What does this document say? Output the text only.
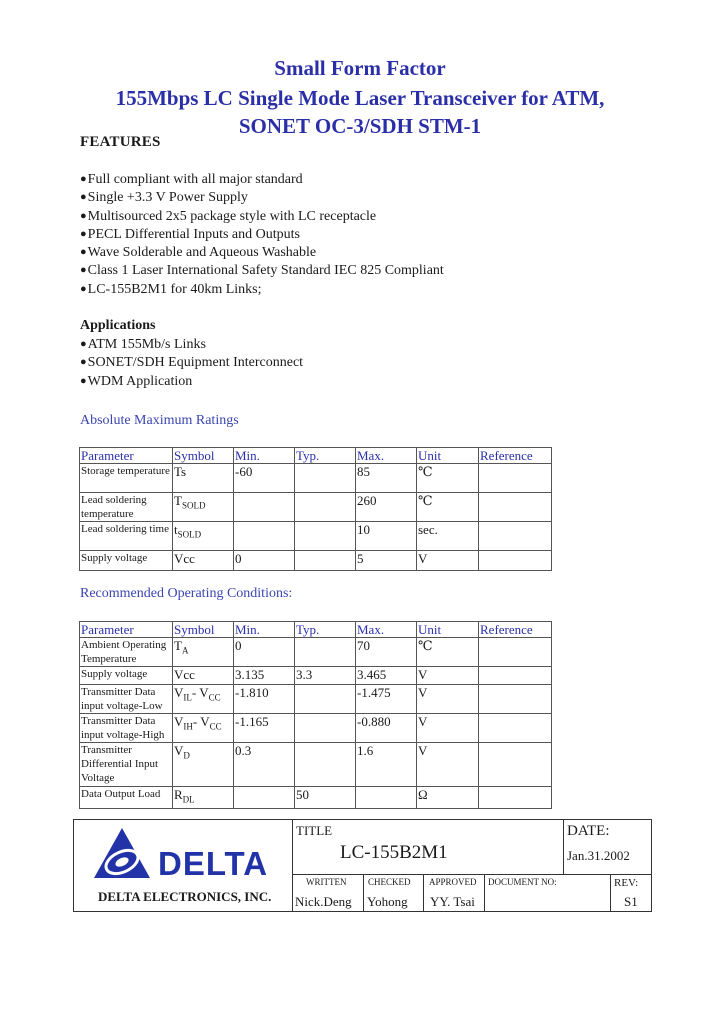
Small Form Factor
155Mbps LC Single Mode Laser Transceiver for ATM,
SONET OC-3/SDH STM-1
FEATURES
● Full compliant with all major standard
● Single +3.3 V Power Supply
● Multisourced 2x5 package style with LC receptacle
● PECL Differential Inputs and Outputs
● Wave Solderable and Aqueous Washable
● Class 1 Laser International Safety Standard IEC 825 Compliant
● LC-155B2M1 for 40km Links;
Applications
● ATM 155Mb/s Links
● SONET/SDH Equipment Interconnect
● WDM Application
Absolute Maximum Ratings
Parameter	Symbol	Min.	Typ.	Max.	Unit	Reference
Storage temperature	Ts	-60		85	℃	
Lead soldering temperature	$T_{SOLD}$			260	℃	
Lead soldering time	$t_{SOLD}$			10	sec.	
Supply voltage	Vcc	0		5	V	
Recommended Operating Conditions:
Parameter	Symbol	Min.	Typ.	Max.	Unit	Reference
Ambient Operating Temperature	$T_A$	0		70	℃	
Supply voltage	Vcc	3.135	3.3	3.465	V	
Transmitter Data input voltage-Low	$V_{IL}-$ $V_{CC}$	-1.810		-1.475	V	
Transmitter Data input voltage-High	$V_{IH}-$ $V_{CC}$	-1.165		-0.880	V	
Transmitter Differential Input Voltage	$V_D$	0.3		1.6	V	
Data Output Load	$R_{DL}$		50		Ω	
DELTA
DELTA ELECTRONICS, INC.
TITLE
LC-155B2M1
DATE:
Jan.31.2002
WRITTEN
Nick.Deng
CHECKED
Yohong
APPROVED
YY. Tsai
DOCUMENT NO:	REV:
S1
